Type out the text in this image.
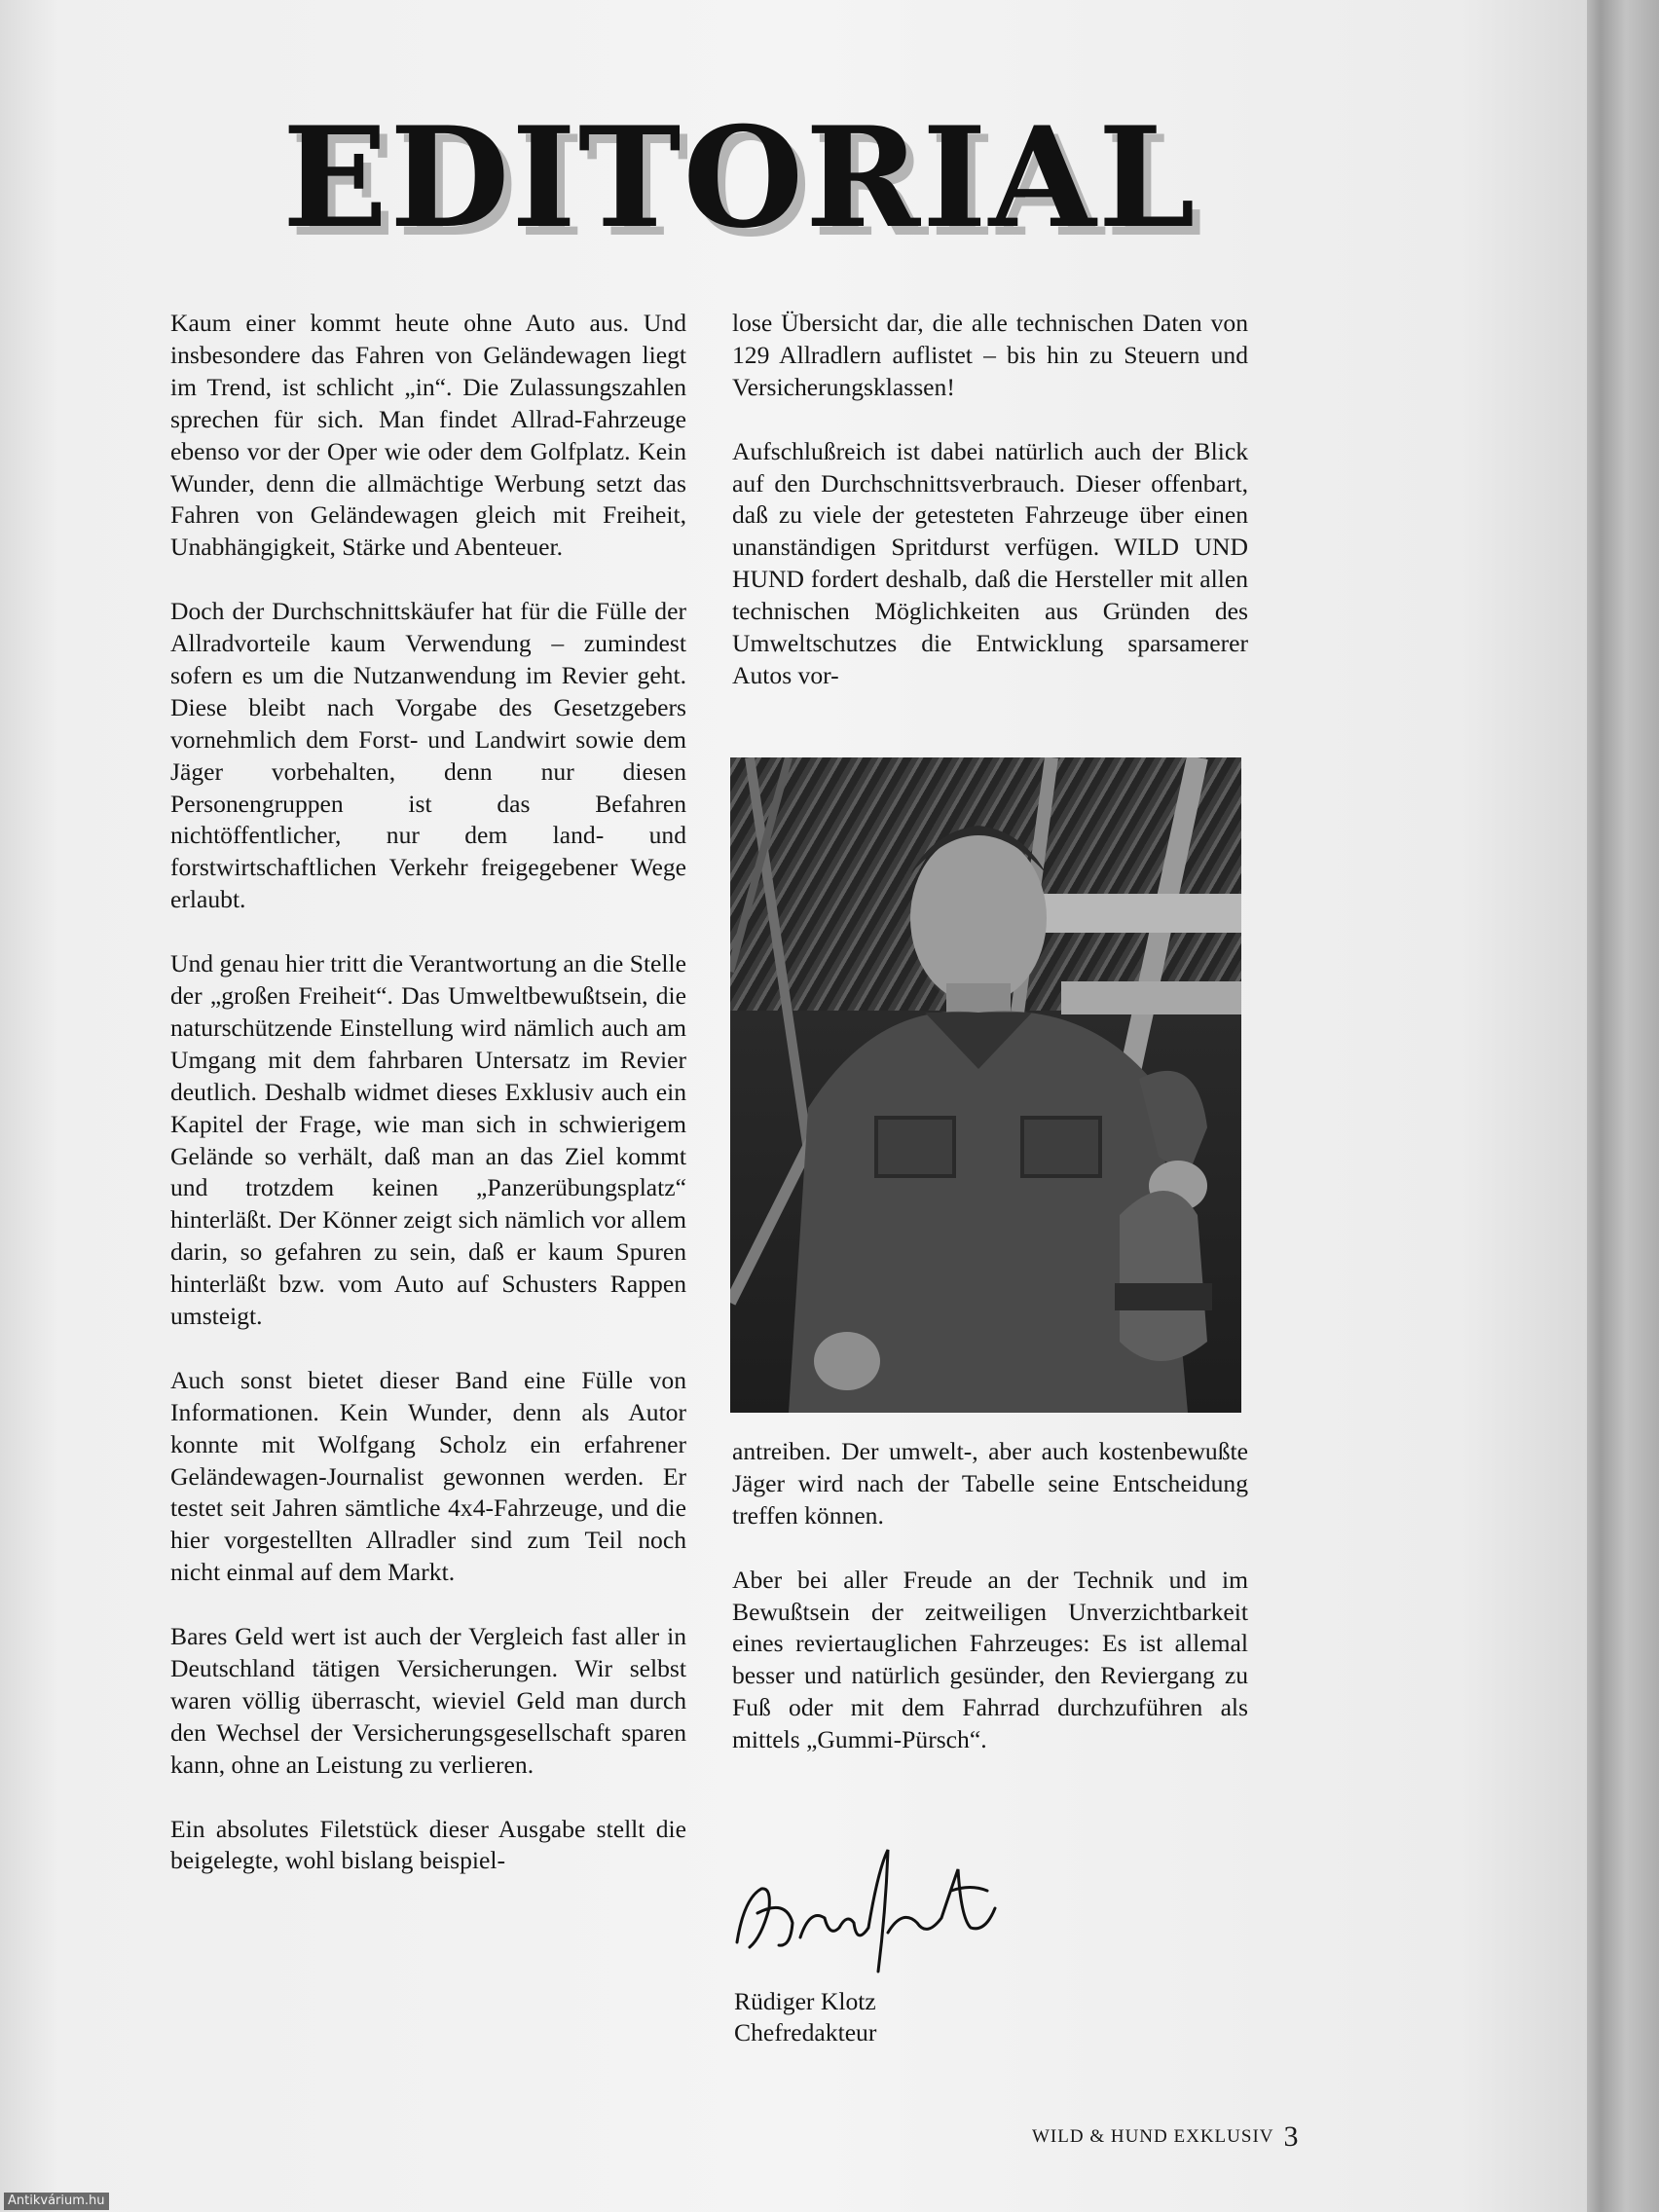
EDITORIAL

Kaum einer kommt heute ohne Auto aus. Und insbesondere das Fahren von Geländewagen liegt im Trend, ist schlicht „in“. Die Zulassungszahlen sprechen für sich. Man findet Allrad-Fahrzeuge ebenso vor der Oper wie oder dem Golfplatz. Kein Wunder, denn die allmächtige Werbung setzt das Fahren von Geländewagen gleich mit Freiheit, Unabhängigkeit, Stärke und Abenteuer.

Doch der Durchschnittskäufer hat für die Fülle der Allradvorteile kaum Verwendung – zumindest sofern es um die Nutzanwendung im Revier geht. Diese bleibt nach Vorgabe des Gesetzgebers vornehmlich dem Forst- und Landwirt sowie dem Jäger vorbehalten, denn nur diesen Personengruppen ist das Befahren nichtöffentlicher, nur dem land- und forstwirtschaftlichen Verkehr freigegebener Wege erlaubt.

Und genau hier tritt die Verantwortung an die Stelle der „großen Freiheit“. Das Umweltbewußtsein, die naturschützende Einstellung wird nämlich auch am Umgang mit dem fahrbaren Untersatz im Revier deutlich. Deshalb widmet dieses Exklusiv auch ein Kapitel der Frage, wie man sich in schwierigem Gelände so verhält, daß man an das Ziel kommt und trotzdem keinen „Panzerübungsplatz“ hinterläßt. Der Könner zeigt sich nämlich vor allem darin, so gefahren zu sein, daß er kaum Spuren hinterläßt bzw. vom Auto auf Schusters Rappen umsteigt.

Auch sonst bietet dieser Band eine Fülle von Informationen. Kein Wunder, denn als Autor konnte mit Wolfgang Scholz ein erfahrener Geländewagen-Journalist gewonnen werden. Er testet seit Jahren sämtliche 4x4-Fahrzeuge, und die hier vorgestellten Allradler sind zum Teil noch nicht einmal auf dem Markt.

Bares Geld wert ist auch der Vergleich fast aller in Deutschland tätigen Versicherungen. Wir selbst waren völlig überrascht, wieviel Geld man durch den Wechsel der Versicherungsgesellschaft sparen kann, ohne an Leistung zu verlieren.

Ein absolutes Filetstück dieser Ausgabe stellt die beigelegte, wohl bislang beispiel-

lose Übersicht dar, die alle technischen Daten von 129 Allradlern auflistet – bis hin zu Steuern und Versicherungsklassen!

Aufschlußreich ist dabei natürlich auch der Blick auf den Durchschnittsverbrauch. Dieser offenbart, daß zu viele der getesteten Fahrzeuge über einen unanständigen Spritdurst verfügen. WILD UND HUND fordert deshalb, daß die Hersteller mit allen technischen Möglichkeiten aus Gründen des Umweltschutzes die Entwicklung sparsamerer Autos vor-

antreiben. Der umwelt-, aber auch kostenbewußte Jäger wird nach der Tabelle seine Entscheidung treffen können.

Aber bei aller Freude an der Technik und im Bewußtsein der zeitweiligen Unverzichtbarkeit eines reviertauglichen Fahrzeuges: Es ist allemal besser und natürlich gesünder, den Reviergang zu Fuß oder mit dem Fahrrad durchzuführen als mittels „Gummi-Pürsch“.

Rüdiger Klotz
Chefredakteur
WILD & HUND EXKLUSIV 3
Antikvárium.hu
